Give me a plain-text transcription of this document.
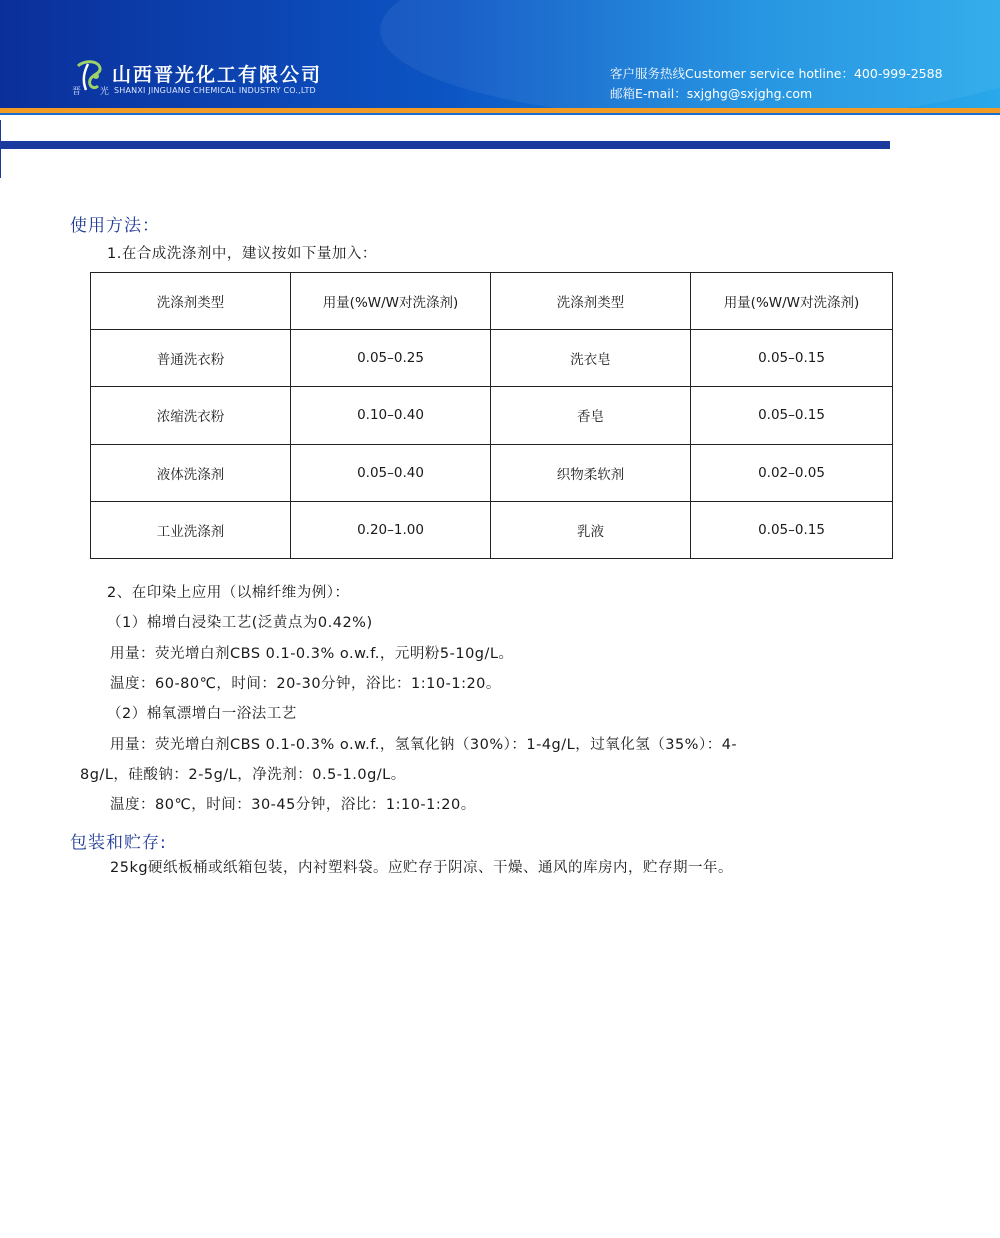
晋 光
山西晋光化工有限公司
SHANXI JINGUANG CHEMICAL INDUSTRY CO.,LTD
客户服务热线Customer service hotline：400-999-2588
邮箱E-mail：sxjghg@sxjghg.com
使用方法：
1.在合成洗涤剂中，建议按如下量加入：
洗涤剂类型	用量(%W/W对洗涤剂)	洗涤剂类型	用量(%W/W对洗涤剂)
普通洗衣粉	0.05–0.25	洗衣皂	0.05–0.15
浓缩洗衣粉	0.10–0.40	香皂	0.05–0.15
液体洗涤剂	0.05–0.40	织物柔软剂	0.02–0.05
工业洗涤剂	0.20–1.00	乳液	0.05–0.15
2、在印染上应用（以棉纤维为例）：
（1）棉增白浸染工艺(泛黄点为0.42%)
用量：荧光增白剂CBS 0.1-0.3% o.w.f.，元明粉5-10g/L。
温度：60-80℃，时间：20-30分钟，浴比：1:10-1:20。
（2）棉氧漂增白一浴法工艺
用量：荧光增白剂CBS 0.1-0.3% o.w.f.，氢氧化钠（30%）：1-4g/L，过氧化氢（35%）：4-
8g/L，硅酸钠：2-5g/L，净洗剂：0.5-1.0g/L。
温度：80℃，时间：30-45分钟，浴比：1:10-1:20。
包装和贮存:
25kg硬纸板桶或纸箱包装，内衬塑料袋。应贮存于阴凉、干燥、通风的库房内，贮存期一年。
